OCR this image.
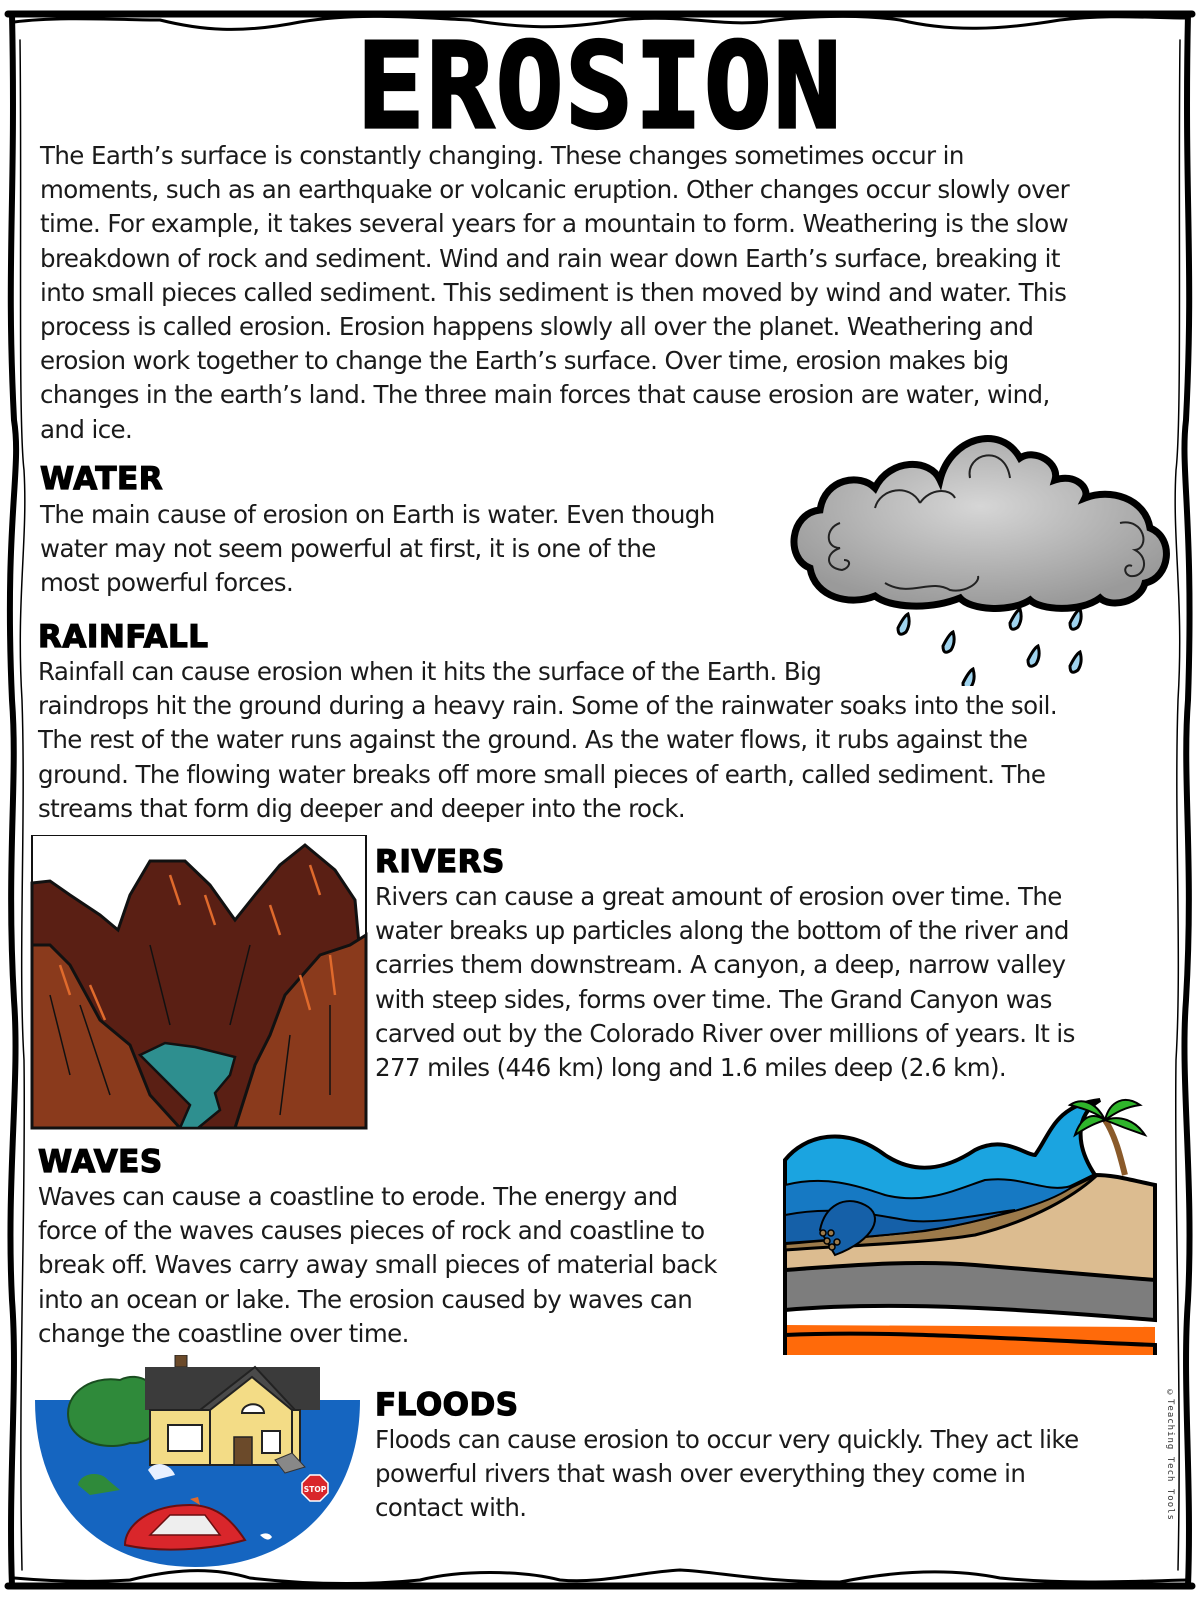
EROSION
The Earth’s surface is constantly changing. These changes sometimes occur in
moments, such as an earthquake or volcanic eruption. Other changes occur slowly over
time. For example, it takes several years for a mountain to form. Weathering is the slow
breakdown of rock and sediment. Wind and rain wear down Earth’s surface, breaking it
into small pieces called sediment. This sediment is then moved by wind and water. This
process is called erosion. Erosion happens slowly all over the planet. Weathering and
erosion work together to change the Earth’s surface. Over time, erosion makes big
changes in the earth’s land. The three main forces that cause erosion are water, wind,
and ice.
WATER
The main cause of erosion on Earth is water. Even though
water may not seem powerful at first, it is one of the
most powerful forces.
RAINFALL
Rainfall can cause erosion when it hits the surface of the Earth. Big
raindrops hit the ground during a heavy rain. Some of the rainwater soaks into the soil.
The rest of the water runs against the ground. As the water flows, it rubs against the
ground. The flowing water breaks off more small pieces of earth, called sediment. The
streams that form dig deeper and deeper into the rock.
RIVERS
Rivers can cause a great amount of erosion over time. The
water breaks up particles along the bottom of the river and
carries them downstream. A canyon, a deep, narrow valley
with steep sides, forms over time. The Grand Canyon was
carved out by the Colorado River over millions of years. It is
277 miles (446 km) long and 1.6 miles deep (2.6 km).
WAVES
Waves can cause a coastline to erode. The energy and
force of the waves causes pieces of rock and coastline to
break off. Waves carry away small pieces of material back
into an ocean or lake. The erosion caused by waves can
change the coastline over time.
STOP
FLOODS
Floods can cause erosion to occur very quickly. They act like
powerful rivers that wash over everything they come in
contact with.	©Teaching Tech Tools
